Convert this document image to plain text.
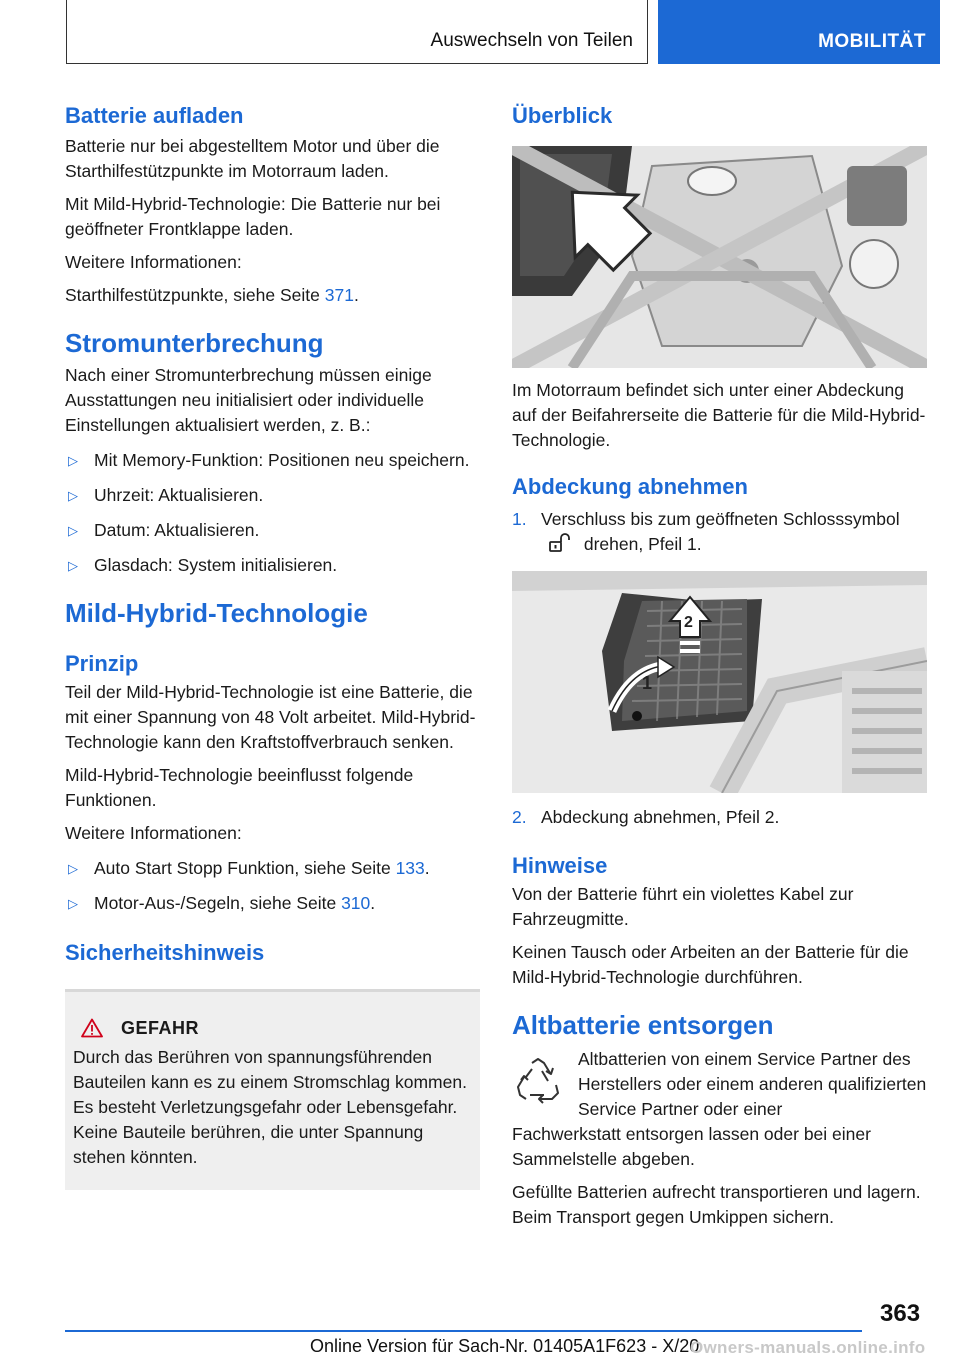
Auswechseln von Teilen	MOBILITÄT
Batterie aufladen

Batterie nur bei abgestelltem Motor und über die Starthilfestützpunkte im Motorraum laden.

Mit Mild-Hybrid-Technologie: Die Batterie nur bei geöffneter Frontklappe laden.

Weitere Informationen:

Starthilfestützpunkte, siehe Seite 371.

Stromunterbrechung

Nach einer Stromunterbrechung müssen einige Ausstattungen neu initialisiert oder individuelle Einstellungen aktualisiert werden, z. B.:

▷ Mit Memory-Funktion: Positionen neu speichern.
▷ Uhrzeit: Aktualisieren.
▷ Datum: Aktualisieren.
▷ Glasdach: System initialisieren.
Mild-Hybrid-Technologie
Prinzip

Teil der Mild-Hybrid-Technologie ist eine Batterie, die mit einer Spannung von 48 Volt arbeitet. Mild-Hybrid-Technologie kann den Kraftstoffverbrauch senken.

Mild-Hybrid-Technologie beeinflusst folgende Funktionen.

Weitere Informationen:

▷ Auto Start Stopp Funktion, siehe Seite 133.
▷ Motor-Aus-/Segeln, siehe Seite 310.
Sicherheitshinweis
GEFAHR

Durch das Berühren von spannungsführenden Bauteilen kann es zu einem Stromschlag kommen. Es besteht Verletzungsgefahr oder Lebensgefahr. Keine Bauteile berühren, die unter Spannung stehen könnten.

Überblick

Im Motorraum befindet sich unter einer Abdeckung auf der Beifahrerseite die Batterie für die Mild-Hybrid-Technologie.

Abdeckung abnehmen
1. Verschluss bis zum geöffneten Schlosssymbol  drehen, Pfeil 1.
2
1
2. Abdeckung abnehmen, Pfeil 2.
Hinweise

Von der Batterie führt ein violettes Kabel zur Fahrzeugmitte.

Keinen Tausch oder Arbeiten an der Batterie für die Mild-Hybrid-Technologie durchführen.

Altbatterie entsorgen

Altbatterien von einem Service Partner des Herstellers oder einem anderen qualifizierten Service Partner oder einer

Fachwerkstatt entsorgen lassen oder bei einer Sammelstelle abgeben.

Gefüllte Batterien aufrecht transportieren und lagern. Beim Transport gegen Umkippen sichern.

363
Online Version für Sach-Nr. 01405A1F623 - X/20
Owners-manuals.online.info
